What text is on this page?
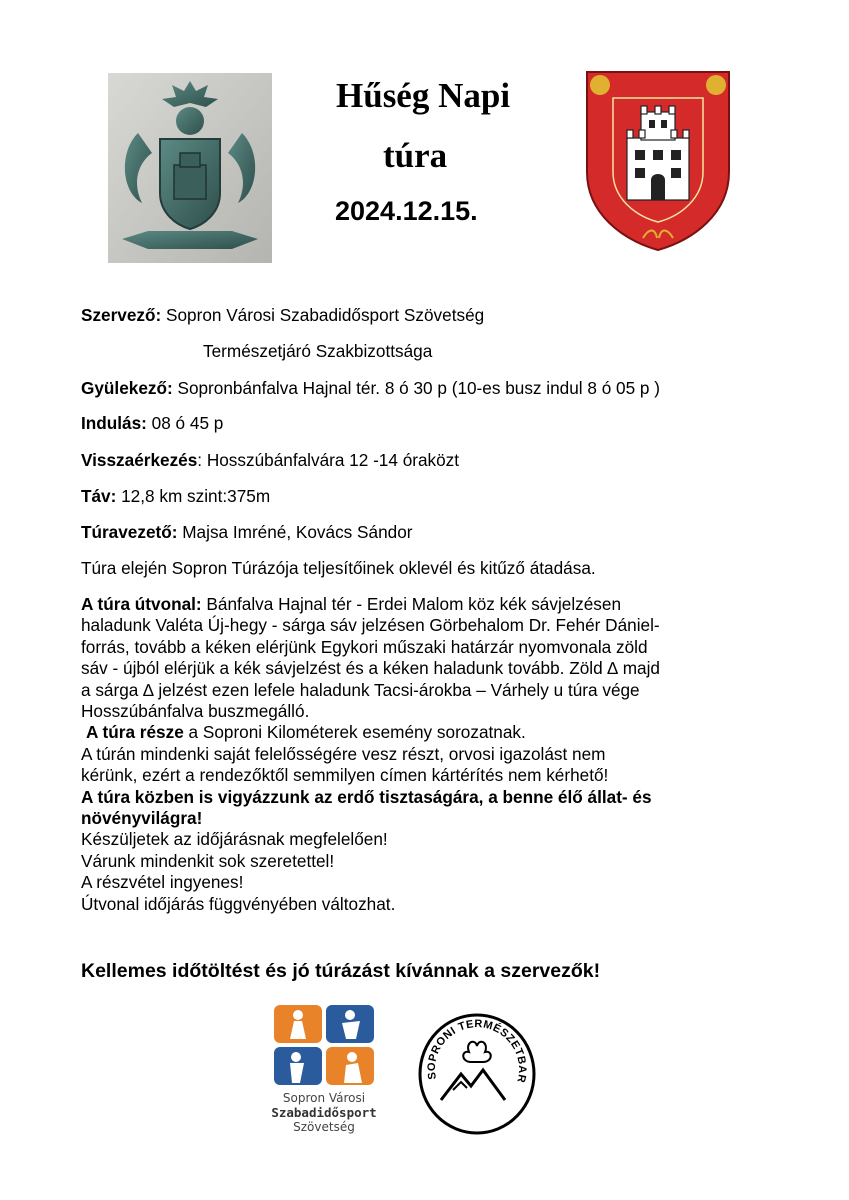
Hűség Napi
túra
2024.12.15.
Szervező: Sopron Városi Szabadidősport Szövetség
Természetjáró Szakbizottsága
Gyülekező: Sopronbánfalva Hajnal tér. 8 ó 30 p (10-es busz indul 8 ó 05 p )
Indulás: 08 ó 45 p
Visszaérkezés: Hosszúbánfalvára 12 -14 óraközt
Táv: 12,8 km szint:375m
Túravezető: Majsa Imréné, Kovács Sándor
Túra elején Sopron Túrázója teljesítőinek oklevél és kitűző átadása.
A túra útvonal: Bánfalva Hajnal tér - Erdei Malom köz kék sávjelzésen
haladunk Valéta Új-hegy - sárga sáv jelzésen Görbehalom Dr. Fehér Dániel-
forrás, tovább a kéken elérjünk Egykori műszaki határzár nyomvonala zöld
sáv - újból elérjük a kék sávjelzést és a kéken haladunk tovább. Zöld ∆ majd
a sárga ∆ jelzést ezen lefele haladunk Tacsi-árokba – Várhely u túra vége
Hosszúbánfalva buszmegálló.
A túra része a Soproni Kilométerek esemény sorozatnak.
A túrán mindenki saját felelősségére vesz részt, orvosi igazolást nem
kérünk, ezért a rendezőktől semmilyen címen kártérítés nem kérhető!
A túra közben is vigyázzunk az erdő tisztaságára, a benne élő állat- és
növényvilágra!
Készüljetek az időjárásnak megfelelően!
Várunk mindenkit sok szeretettel!
A részvétel ingyenes!
Útvonal időjárás függvényében változhat.
Kellemes időtöltést és jó túrázást kívánnak a szervezők!
Sopron Városi
Szabadidősport
Szövetség
SOPRONI TERMÉSZETBAR
